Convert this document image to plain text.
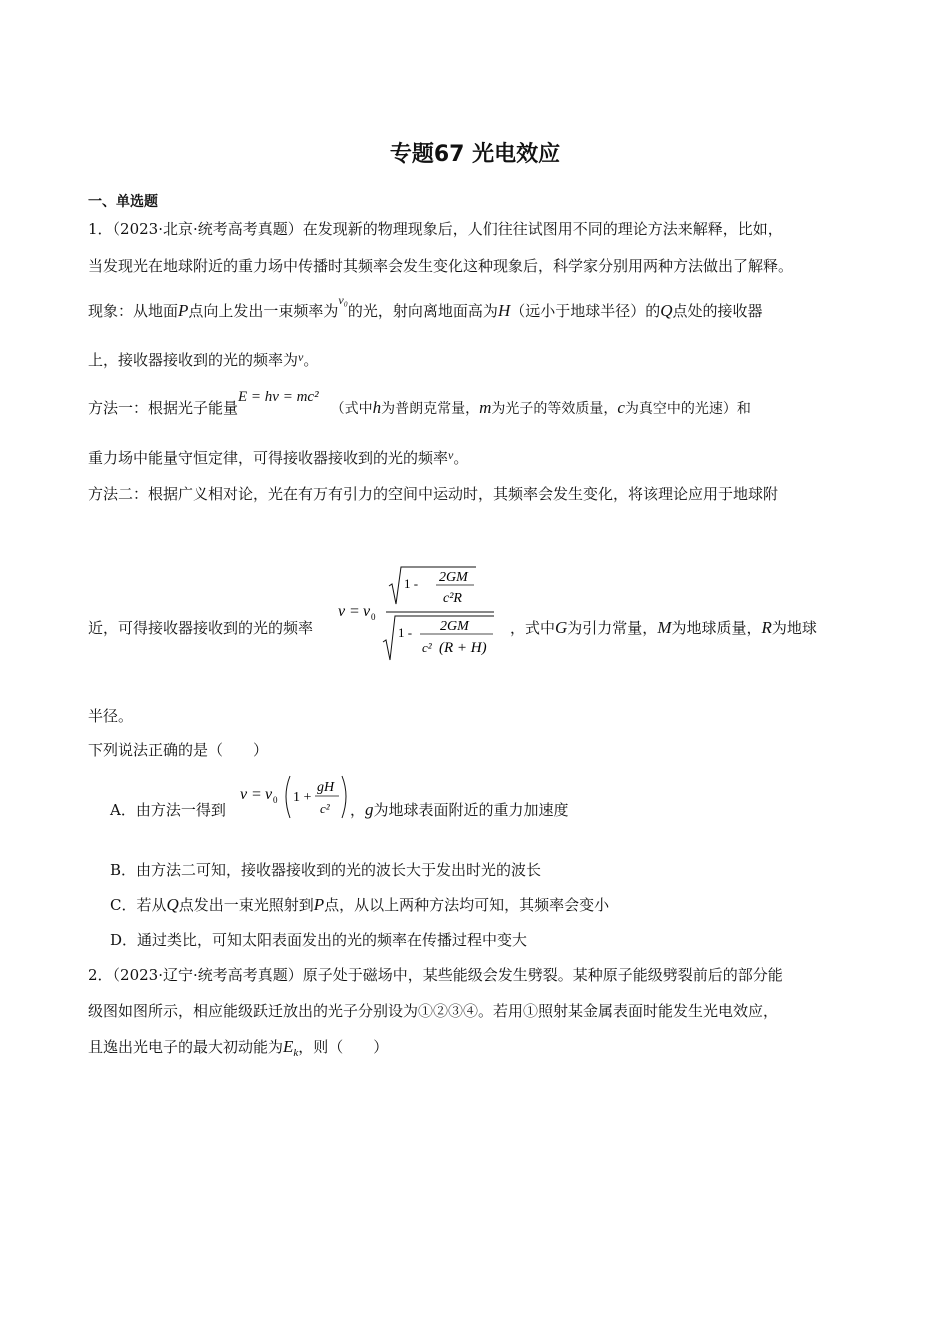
专题67 光电效应
一、单选题
1．（2023·北京·统考高考真题）在发现新的物理现象后，人们往往试图用不同的理论方法来解释，比如，
当发现光在地球附近的重力场中传播时其频率会发生变化这种现象后，科学家分别用两种方法做出了解释。
现象：从地面P点向上发出一束频率为$^{\nu_0}$的光，射向离地面高为H（远小于地球半径）的Q点处的接收器
上，接收器接收到的光的频率为$^\nu$。
方法一：根据光子能量E = hν = mc²（式中h为普朗克常量，m为光子的等效质量，c为真空中的光速）和
重力场中能量守恒定律，可得接收器接收到的光的频率$^\nu$。
方法二：根据广义相对论，光在有万有引力的空间中运动时，其频率会发生变化，将该理论应用于地球附
近，可得接收器接收到的光的频率
ν = ν 0
1 - 2GM
c²R
1 - 2GM
c² (R + H)
，式中G为引力常量，M为地球质量，R为地球
半径。
下列说法正确的是（　　）
A．由方法一得到
ν = ν 0 1 +
gH
c² ，g为地球表面附近的重力加速度
B．由方法二可知，接收器接收到的光的波长大于发出时光的波长
C．若从Q点发出一束光照射到P点，从以上两种方法均可知，其频率会变小
D．通过类比，可知太阳表面发出的光的频率在传播过程中变大
2．（2023·辽宁·统考高考真题）原子处于磁场中，某些能级会发生劈裂。某种原子能级劈裂前后的部分能
级图如图所示，相应能级跃迁放出的光子分别设为①②③④。若用①照射某金属表面时能发生光电效应，
且逸出光电子的最大初动能为$E_k$，则（　　）
